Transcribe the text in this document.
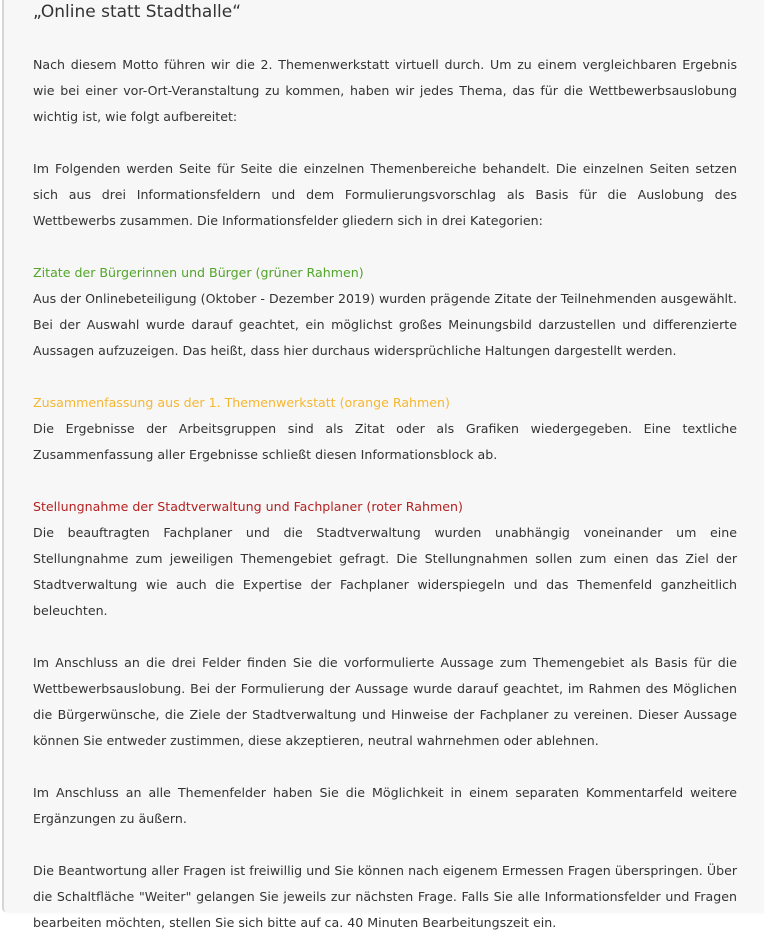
„Online statt Stadthalle“

Nach diesem Motto führen wir die 2. Themenwerkstatt virtuell durch. Um zu einem vergleichbaren Ergebnis wie bei einer vor-Ort-Veranstaltung zu kommen, haben wir jedes Thema, das für die Wettbewerbsauslobung wichtig ist, wie folgt aufbereitet:

Im Folgenden werden Seite für Seite die einzelnen Themenbereiche behandelt. Die einzelnen Seiten setzen sich aus drei Informationsfeldern und dem Formulierungsvorschlag als Basis für die Auslobung des Wettbewerbs zusammen. Die Informationsfelder gliedern sich in drei Kategorien:

Zitate der Bürgerinnen und Bürger (grüner Rahmen)

Aus der Onlinebeteiligung (Oktober - Dezember 2019) wurden prägende Zitate der Teilnehmenden ausgewählt. Bei der Auswahl wurde darauf geachtet, ein möglichst großes Meinungsbild darzustellen und differenzierte Aussagen aufzuzeigen. Das heißt, dass hier durchaus widersprüchliche Haltungen dargestellt werden.

Zusammenfassung aus der 1. Themenwerkstatt (orange Rahmen)

Die Ergebnisse der Arbeitsgruppen sind als Zitat oder als Grafiken wiedergegeben. Eine textliche Zusammenfassung aller Ergebnisse schließt diesen Informationsblock ab.

Stellungnahme der Stadtverwaltung und Fachplaner (roter Rahmen)

Die beauftragten Fachplaner und die Stadtverwaltung wurden unabhängig voneinander um eine Stellungnahme zum jeweiligen Themengebiet gefragt. Die Stellungnahmen sollen zum einen das Ziel der Stadtverwaltung wie auch die Expertise der Fachplaner widerspiegeln und das Themenfeld ganzheitlich beleuchten.

Im Anschluss an die drei Felder finden Sie die vorformulierte Aussage zum Themengebiet als Basis für die Wettbewerbsauslobung. Bei der Formulierung der Aussage wurde darauf geachtet, im Rahmen des Möglichen die Bürgerwünsche, die Ziele der Stadtverwaltung und Hinweise der Fachplaner zu vereinen. Dieser Aussage können Sie entweder zustimmen, diese akzeptieren, neutral wahrnehmen oder ablehnen.

Im Anschluss an alle Themenfelder haben Sie die Möglichkeit in einem separaten Kommentarfeld weitere Ergänzungen zu äußern.

Die Beantwortung aller Fragen ist freiwillig und Sie können nach eigenem Ermessen Fragen überspringen. Über die Schaltfläche "Weiter" gelangen Sie jeweils zur nächsten Frage. Falls Sie alle Informationsfelder und Fragen bearbeiten möchten, stellen Sie sich bitte auf ca. 40 Minuten Bearbeitungszeit ein.
